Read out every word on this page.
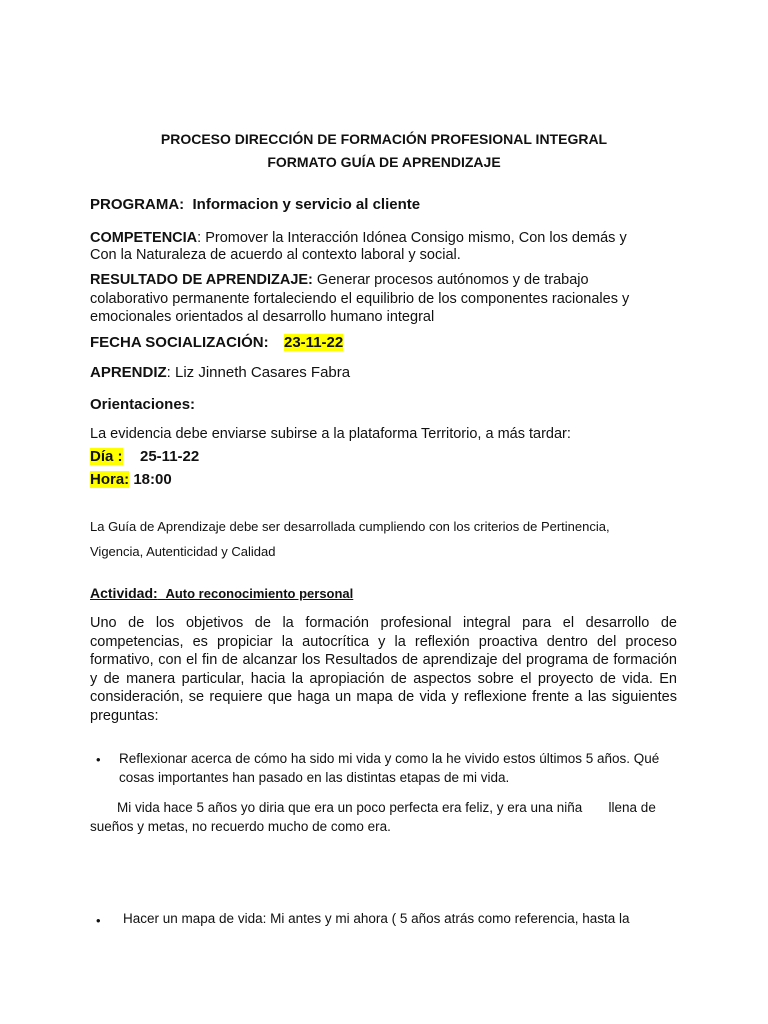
PROCESO DIRECCIÓN DE FORMACIÓN PROFESIONAL INTEGRAL
FORMATO GUÍA DE APRENDIZAJE
PROGRAMA: Informacion y servicio al cliente
COMPETENCIA: Promover la Interacción Idónea Consigo mismo, Con los demás y
Con la Naturaleza de acuerdo al contexto laboral y social.
RESULTADO DE APRENDIZAJE: Generar procesos autónomos y de trabajo
colaborativo permanente fortaleciendo el equilibrio de los componentes racionales y
emocionales orientados al desarrollo humano integral
FECHA SOCIALIZACIÓN: 23-11-22
APRENDIZ: Liz Jinneth Casares Fabra
Orientaciones:
La evidencia debe enviarse subirse a la plataforma Territorio, a más tardar:
Día : 25-11-22
Hora: 18:00
La Guía de Aprendizaje debe ser desarrollada cumpliendo con los criterios de Pertinencia,
Vigencia, Autenticidad y Calidad
Actividad: Auto reconocimiento personal
Uno de los objetivos de la formación profesional integral para el desarrollo de competencias, es propiciar la autocrítica y la reflexión proactiva dentro del proceso formativo, con el fin de alcanzar los Resultados de aprendizaje del programa de formación y de manera particular, hacia la apropiación de aspectos sobre el proyecto de vida. En consideración, se requiere que haga un mapa de vida y reflexione frente a las siguientes preguntas:
• Reflexionar acerca de cómo ha sido mi vida y como la he vivido estos últimos 5 años. Qué
cosas importantes han pasado en las distintas etapas de mi vida.
Mi vida hace 5 años yo diria que era un poco perfecta era feliz, y era una niña       llena de
sueños y metas, no recuerdo mucho de como era.
• Hacer un mapa de vida: Mi antes y mi ahora ( 5 años atrás como referencia, hasta la
